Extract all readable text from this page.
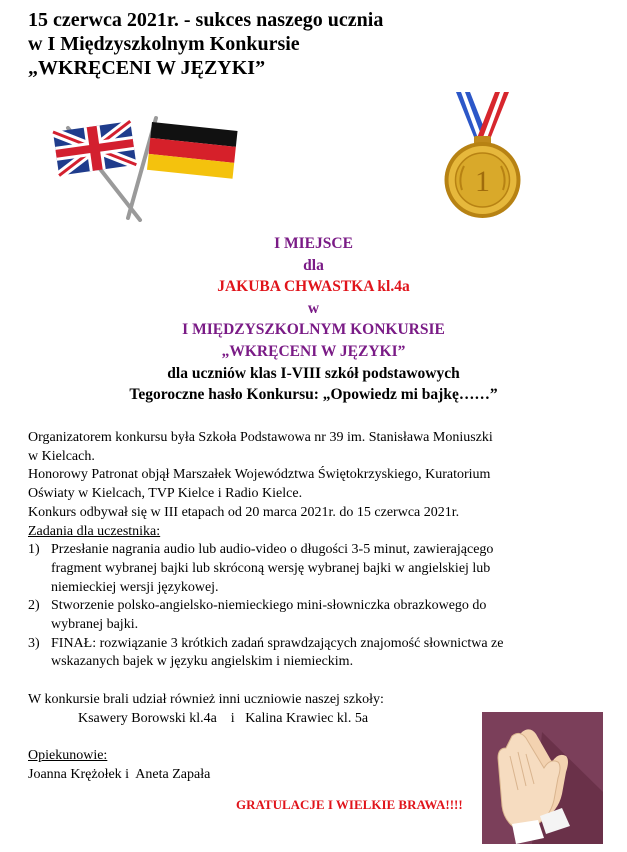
15 czerwca 2021r. - sukces naszego ucznia
w I Międzyszkolnym Konkursie
„WKRĘCENI W JĘZYKI”
1
I MIEJSCE
dla
JAKUBA CHWASTKA kl.4a
w
I MIĘDZYSZKOLNYM KONKURSIE
„WKRĘCENI W JĘZYKI”
dla uczniów klas I-VIII szkół podstawowych
Tegoroczne hasło Konkursu: „Opowiedz mi bajkę……”
Organizatorem konkursu była Szkoła Podstawowa nr 39 im. Stanisława Moniuszki
w Kielcach.
Honorowy Patronat objął Marszałek Województwa Świętokrzyskiego, Kuratorium
Oświaty w Kielcach, TVP Kielce i Radio Kielce.
Konkurs odbywał się w III etapach od 20 marca 2021r. do 15 czerwca 2021r.
Zadania dla uczestnika:
1) Przesłanie nagrania audio lub audio-video o długości 3-5 minut, zawierającego
fragment wybranej bajki lub skróconą wersję wybranej bajki w angielskiej lub
niemieckiej wersji językowej.
2) Stworzenie polsko-angielsko-niemieckiego mini-słowniczka obrazkowego do
wybranej bajki.
3) FINAŁ: rozwiązanie 3 krótkich zadań sprawdzających znajomość słownictwa ze
wskazanych bajek w języku angielskim i niemieckim.
W konkursie brali udział również inni uczniowie naszej szkoły:
Ksawery Borowski kl.4a    i   Kalina Krawiec kl. 5a
Opiekunowie:
Joanna Krężołek i  Aneta Zapała
GRATULACJE I WIELKIE BRAWA!!!!
